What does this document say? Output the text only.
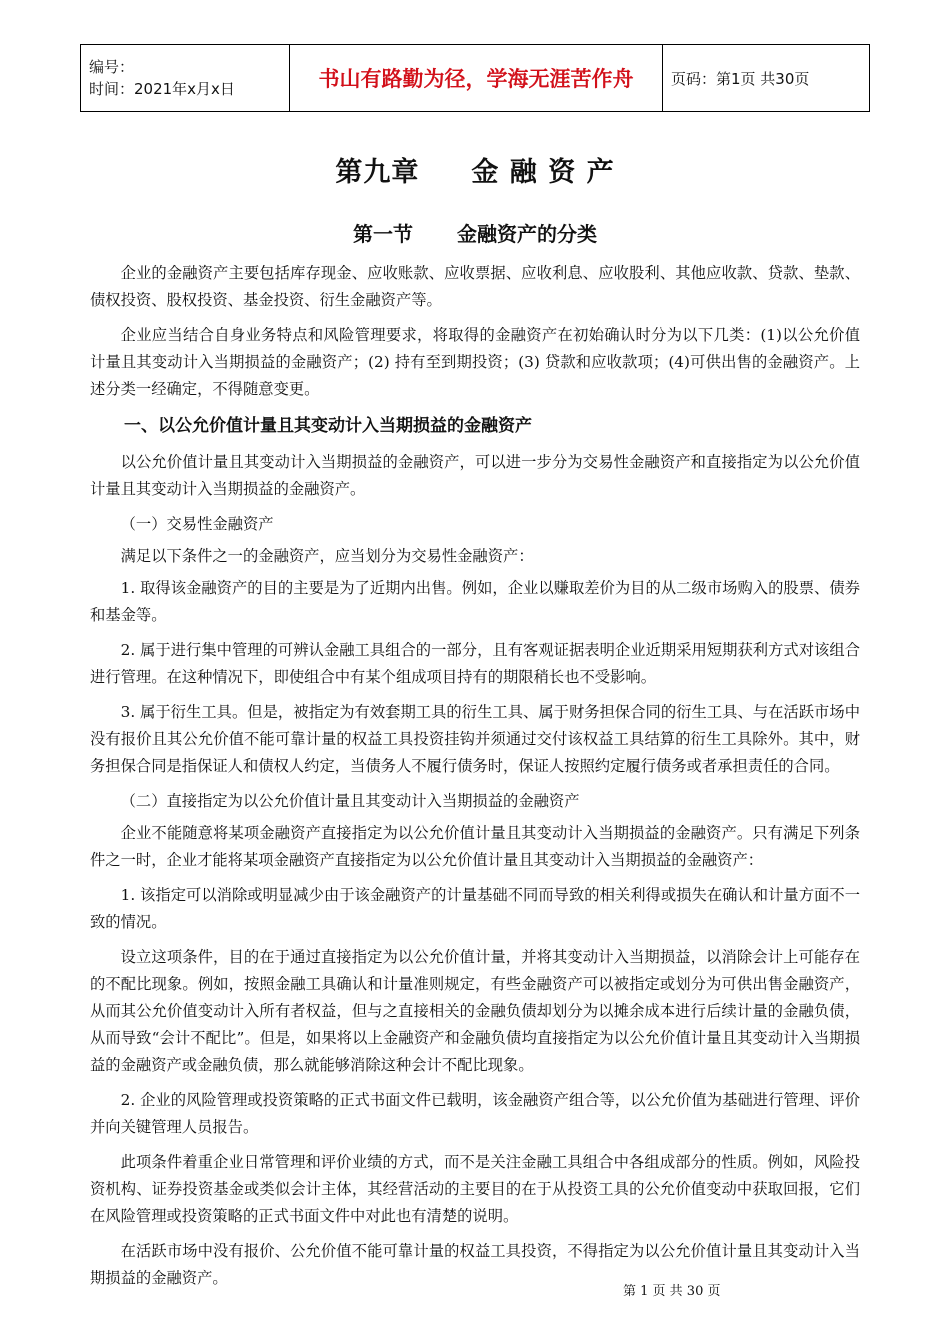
编号：
时间：2021年x月x日	书山有路勤为径，学海无涯苦作舟	页码：第1页 共30页
第九章 金 融 资 产
第一节 金融资产的分类

企业的金融资产主要包括库存现金、应收账款、应收票据、应收利息、应收股利、其他应收款、贷款、垫款、债权投资、股权投资、基金投资、衍生金融资产等。

企业应当结合自身业务特点和风险管理要求，将取得的金融资产在初始确认时分为以下几类：(1)以公允价值计量且其变动计入当期损益的金融资产；(2) 持有至到期投资；(3) 贷款和应收款项；(4)可供出售的金融资产。上述分类一经确定，不得随意变更。

一、以公允价值计量且其变动计入当期损益的金融资产

以公允价值计量且其变动计入当期损益的金融资产，可以进一步分为交易性金融资产和直接指定为以公允价值计量且其变动计入当期损益的金融资产。

（一）交易性金融资产

满足以下条件之一的金融资产，应当划分为交易性金融资产：

1. 取得该金融资产的目的主要是为了近期内出售。例如，企业以赚取差价为目的从二级市场购入的股票、债券和基金等。

2. 属于进行集中管理的可辨认金融工具组合的一部分，且有客观证据表明企业近期采用短期获利方式对该组合进行管理。在这种情况下，即使组合中有某个组成项目持有的期限稍长也不受影响。

3. 属于衍生工具。但是，被指定为有效套期工具的衍生工具、属于财务担保合同的衍生工具、与在活跃市场中没有报价且其公允价值不能可靠计量的权益工具投资挂钩并须通过交付该权益工具结算的衍生工具除外。其中，财务担保合同是指保证人和债权人约定，当债务人不履行债务时，保证人按照约定履行债务或者承担责任的合同。

（二）直接指定为以公允价值计量且其变动计入当期损益的金融资产

企业不能随意将某项金融资产直接指定为以公允价值计量且其变动计入当期损益的金融资产。只有满足下列条件之一时，企业才能将某项金融资产直接指定为以公允价值计量且其变动计入当期损益的金融资产：

1. 该指定可以消除或明显减少由于该金融资产的计量基础不同而导致的相关利得或损失在确认和计量方面不一致的情况。

设立这项条件，目的在于通过直接指定为以公允价值计量，并将其变动计入当期损益，以消除会计上可能存在的不配比现象。例如，按照金融工具确认和计量准则规定，有些金融资产可以被指定或划分为可供出售金融资产，从而其公允价值变动计入所有者权益，但与之直接相关的金融负债却划分为以摊余成本进行后续计量的金融负债，从而导致“会计不配比”。但是，如果将以上金融资产和金融负债均直接指定为以公允价值计量且其变动计入当期损益的金融资产或金融负债，那么就能够消除这种会计不配比现象。

2. 企业的风险管理或投资策略的正式书面文件已载明，该金融资产组合等，以公允价值为基础进行管理、评价并向关键管理人员报告。

此项条件着重企业日常管理和评价业绩的方式，而不是关注金融工具组合中各组成部分的性质。例如，风险投资机构、证券投资基金或类似会计主体，其经营活动的主要目的在于从投资工具的公允价值变动中获取回报，它们在风险管理或投资策略的正式书面文件中对此也有清楚的说明。

在活跃市场中没有报价、公允价值不能可靠计量的权益工具投资，不得指定为以公允价值计量且其变动计入当期损益的金融资产。

第 1 页 共 30 页
